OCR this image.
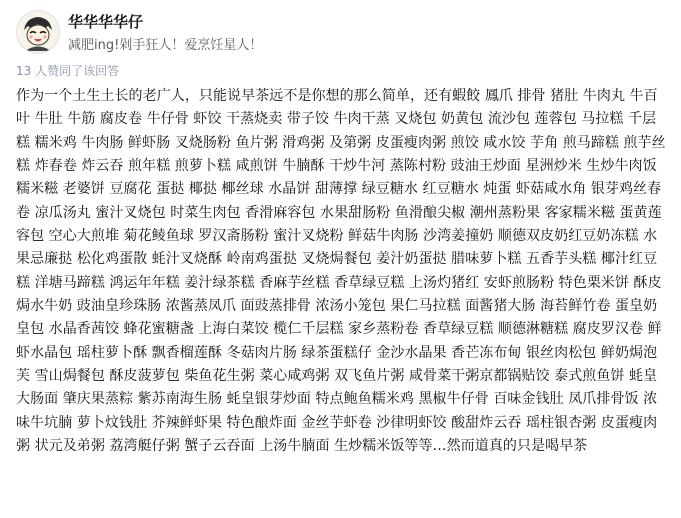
华华华华仔
减肥ing!剁手狂人！爱烹饪星人！
13 人赞同了该回答

作为一个土生土长的老广人，只能说早茶远不是你想的那么简单，还有蝦餃 鳳爪 排骨 猪肚 牛肉丸 牛百叶 牛肚 牛筋 腐皮卷 牛仔骨 虾饺 干蒸烧卖 带子饺 牛肉干蒸 叉烧包 奶黄包 流沙包 莲蓉包 马拉糕 千层糕 糯米鸡 牛肉肠 鲜虾肠 叉烧肠粉 鱼片粥 滑鸡粥 及第粥 皮蛋瘦肉粥 煎饺 咸水饺 芋角 煎马蹄糕 煎芋丝糕 炸春卷 炸云吞 煎年糕 煎萝卜糕 咸煎饼 牛腩酥 干炒牛河 蒸陈村粉 豉油王炒面 星洲炒米 生炒牛肉饭 糯米糍 老婆饼 豆腐花 蛋挞 椰挞 椰丝球 水晶饼 甜薄撑 绿豆糖水 红豆糖水 炖蛋 虾菇咸水角 银芽鸡丝春卷 凉瓜汤丸 蜜汁叉烧包 时菜生肉包 香滑麻容包 水果甜肠粉 鱼滑酿尖椒 潮州蒸粉果 客家糯米糍 蛋黄莲容包 空心大煎堆 菊花鲮鱼球 罗汉斋肠粉 蜜汁叉烧粉 鲜菇牛肉肠 沙湾姜撞奶 顺德双皮奶红豆奶冻糕 水果忌廉挞 松化鸡蛋散 蚝汁叉烧酥 岭南鸡蛋挞 叉烧焗餐包 姜汁奶蛋挞 腊味萝卜糕 五香芋头糕 椰汁红豆糕 洋塘马蹄糕 鸿运年年糕 姜汁绿茶糕 香麻芋丝糕 香草绿豆糕 上汤灼猪红 安虾煎肠粉 特色栗米饼 酥皮焗水牛奶 豉油皇珍珠肠 浓酱蒸凤爪 面豉蒸排骨 浓汤小笼包 果仁马拉糕 面酱猪大肠 海苔鲜竹卷 蛋皇奶皇包 水晶香茜饺 蜂花蜜糖盏 上海白菜饺 榄仁千层糕 家乡蒸粉卷 香草绿豆糕 顺德淋糖糕 腐皮罗汉卷 鲜虾水晶包 瑶柱萝卜酥 飘香榴莲酥 冬菇肉片肠 绿茶蛋糕仔 金沙水晶果 香芒冻布甸 银丝肉松包 鲜奶焗泡芙 雪山焗餐包 酥皮菠萝包 柴鱼花生粥 菜心咸鸡粥 双飞鱼片粥 咸骨菜干粥京都锅贴饺 泰式煎鱼饼 蚝皇大肠面 肇庆果蒸粽 紫苏南海生肠 蚝皇银芽炒面 特点鲍鱼糯米鸡 黑椒牛仔骨 百味金钱肚 凤爪排骨饭 浓味牛坑腩 萝卜炆钱肚 芥辣鲜虾果 特色酿炸面 金丝芋虾卷 沙律明虾饺 酸甜炸云吞 瑶柱银杏粥 皮蛋瘦肉粥 状元及弟粥 荔湾艇仔粥 蟹子云吞面 上汤牛腩面 生炒糯米饭等等…然而道真的只是喝早茶
